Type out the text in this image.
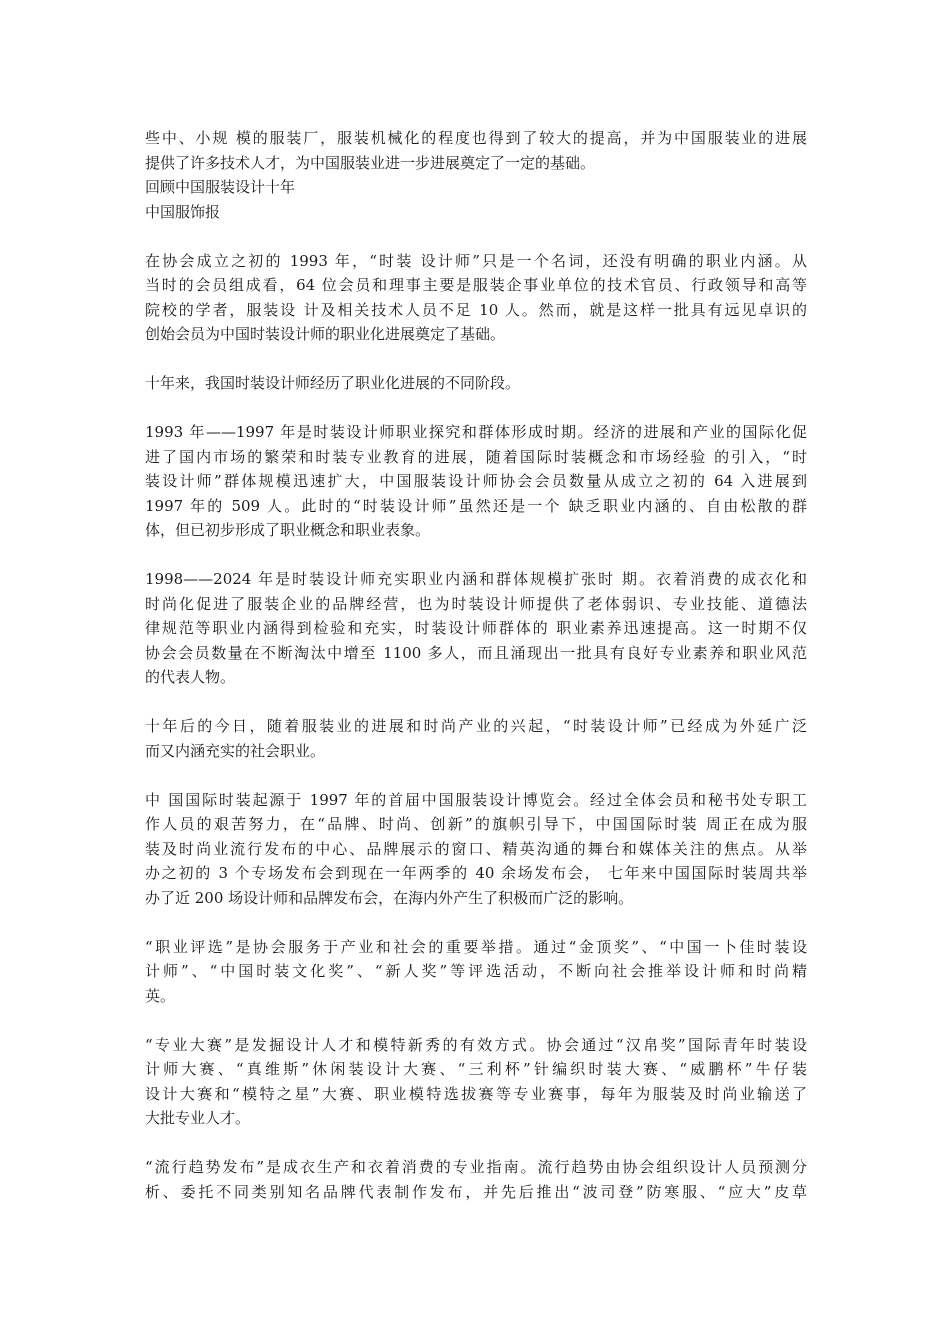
些中、小规 模的服装厂，服装机械化的程度也得到了较大的提高，并为中国服装业的进展
提供了许多技术人才，为中国服装业进一步进展奠定了一定的基础。
回顾中国服装设计十年
中国服饰报
在协会成立之初的 1993 年，“时装 设计师”只是一个名词，还没有明确的职业内涵。从
当时的会员组成看，64 位会员和理事主要是服装企事业单位的技术官员、行政领导和高等
院校的学者，服装设 计及相关技术人员不足 10 人。然而，就是这样一批具有远见卓识的
创始会员为中国时装设计师的职业化进展奠定了基础。
十年来，我国时装设计师经历了职业化进展的不同阶段。
1993 年——1997 年是时装设计师职业探究和群体形成时期。经济的进展和产业的国际化促
进了国内市场的繁荣和时装专业教育的进展，随着国际时装概念和市场经验 的引入，“时
装设计师”群体规模迅速扩大，中国服装设计师协会会员数量从成立之初的 64 入进展到
1997 年的 509 人。此时的“时装设计师”虽然还是一个 缺乏职业内涵的、自由松散的群
体，但已初步形成了职业概念和职业表象。
1998——2024 年是时装设计师充实职业内涵和群体规模扩张时 期。衣着消费的成衣化和
时尚化促进了服装企业的品牌经营，也为时装设计师提供了老体弱识、专业技能、道德法
律规范等职业内涵得到检验和充实，时装设计师群体的 职业素养迅速提高。这一时期不仅
协会会员数量在不断淘汰中增至 1100 多人，而且涌现出一批具有良好专业素养和职业风范
的代表人物。
十年后的今日，随着服装业的进展和时尚产业的兴起，“时装设计师”已经成为外延广泛
而又内涵充实的社会职业。
中 国国际时装起源于 1997 年的首届中国服装设计博览会。经过全体会员和秘书处专职工
作人员的艰苦努力，在“品牌、时尚、创新”的旗帜引导下，中国国际时装 周正在成为服
装及时尚业流行发布的中心、品牌展示的窗口、精英沟通的舞台和媒体关注的焦点。从举
办之初的 3 个专场发布会到现在一年两季的 40 余场发布会， 七年来中国国际时装周共举
办了近 200 场设计师和品牌发布会，在海内外产生了积极而广泛的影响。
“职业评选”是协会服务于产业和社会的重要举措。通过“金顶奖”、“中国一卜佳时装设
计师”、“中国时装文化奖”、“新人奖”等评选活动，不断向社会推举设计师和时尚精
英。
“专业大赛”是发掘设计人才和模特新秀的有效方式。协会通过“汉帛奖”国际青年时装设
计师大赛、“真维斯”休闲装设计大赛、“三利杯”针编织时装大赛、“威鹏杯”牛仔装
设计大赛和“模特之星”大赛、职业模特选拔赛等专业赛事，每年为服装及时尚业输送了
大批专业人才。
“流行趋势发布”是成衣生产和衣着消费的专业指南。流行趋势由协会组织设计人员预测分
析、委托不同类别知名品牌代表制作发布，并先后推出“波司登”防寒服、“应大”皮草
